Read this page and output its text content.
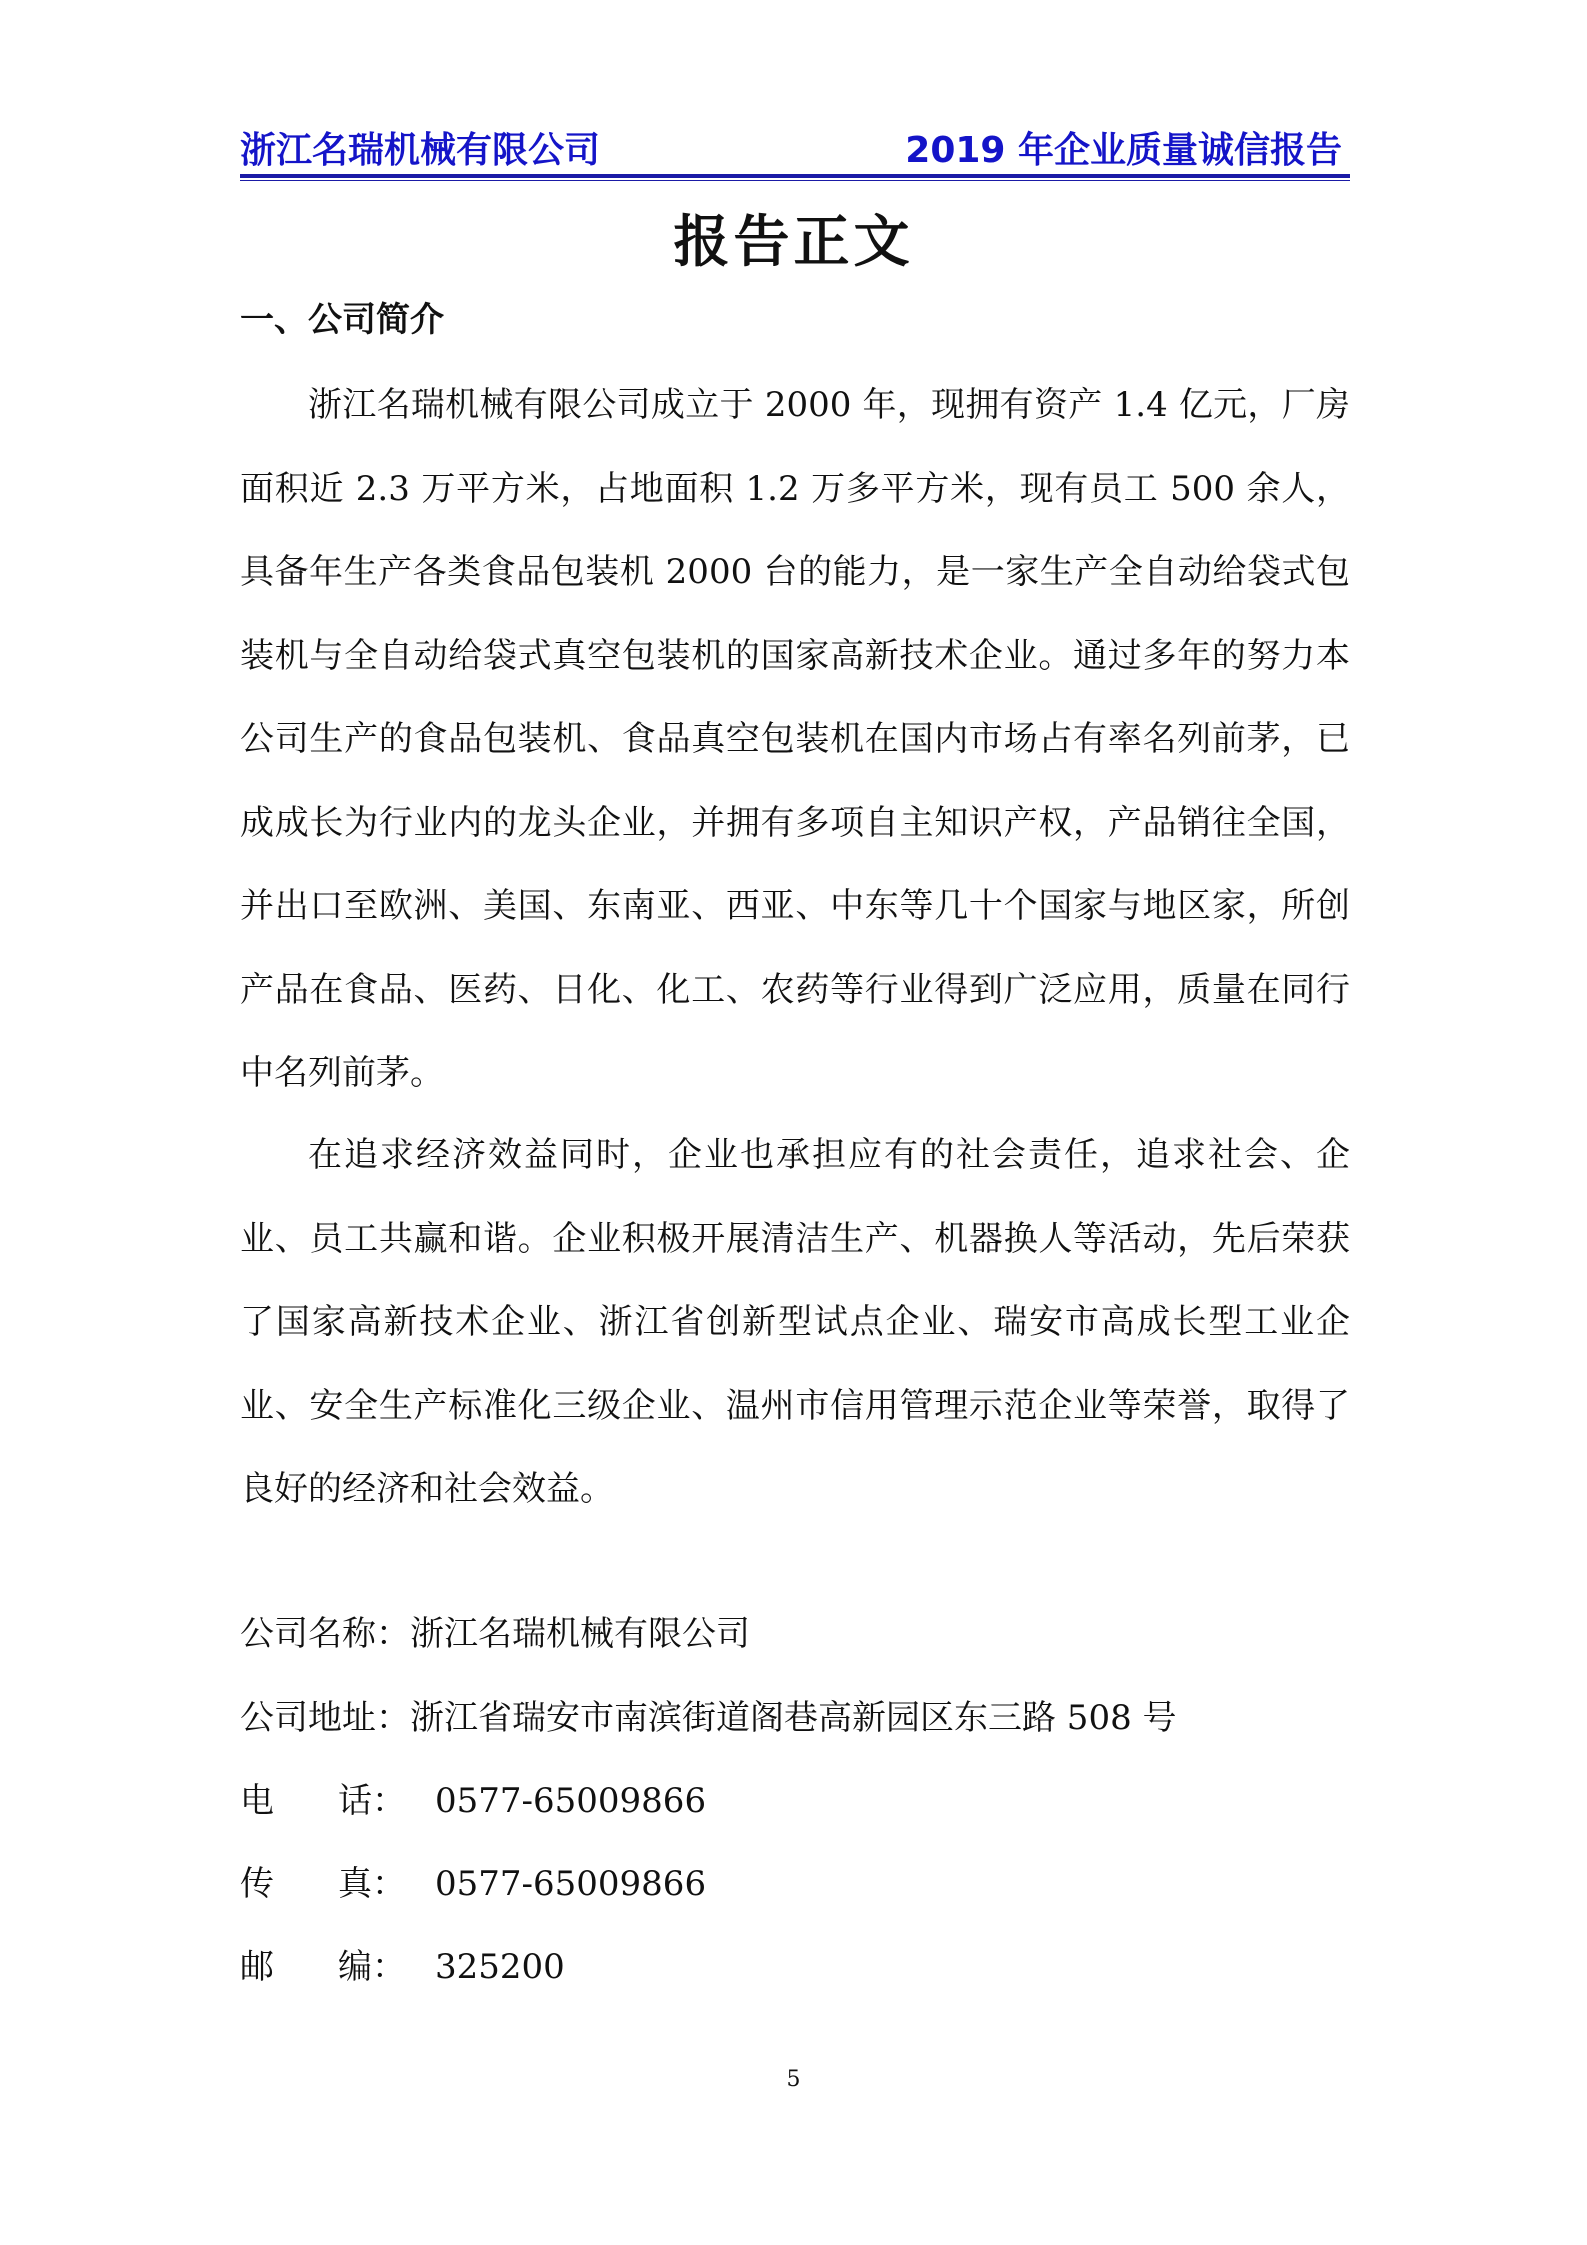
浙江名瑞机械有限公司	2019 年企业质量诚信报告
报告正文
一、公司简介
浙江名瑞机械有限公司成立于 2000 年，现拥有资产 1.4 亿元，厂房面积近 2.3 万平方米，占地面积 1.2 万多平方米，现有员工 500 余人，具备年生产各类食品包装机 2000 台的能力，是一家生产全自动给袋式包装机与全自动给袋式真空包装机的国家高新技术企业。通过多年的努力本公司生产的食品包装机、食品真空包装机在国内市场占有率名列前茅，已成成长为行业内的龙头企业，并拥有多项自主知识产权，产品销往全国，并出口至欧洲、美国、东南亚、西亚、中东等几十个国家与地区家，所创产品在食品、医药、日化、化工、农药等行业得到广泛应用，质量在同行中名列前茅。
在追求经济效益同时，企业也承担应有的社会责任，追求社会、企业、员工共赢和谐。企业积极开展清洁生产、机器换人等活动，先后荣获了国家高新技术企业、浙江省创新型试点企业、瑞安市高成长型工业企业、安全生产标准化三级企业、温州市信用管理示范企业等荣誉，取得了良好的经济和社会效益。
公司名称：浙江名瑞机械有限公司
公司地址：浙江省瑞安市南滨街道阁巷高新园区东三路 508 号
电 话： 0577-65009866
传 真： 0577-65009866
邮 编： 325200
5
